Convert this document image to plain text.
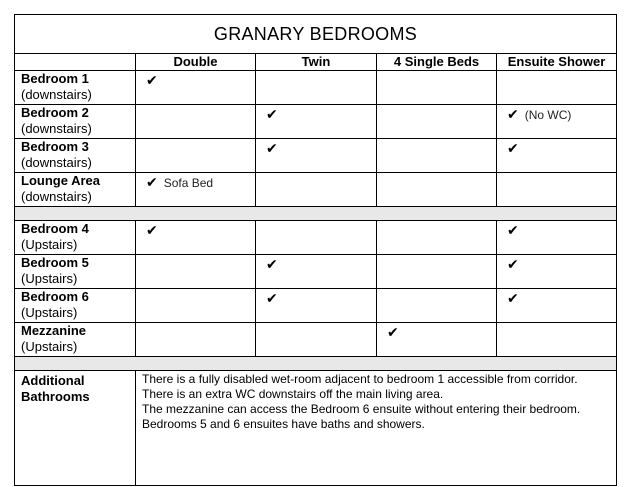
GRANARY BEDROOMS				
	Double	Twin	4 Single Beds	Ensuite Shower

Bedroom 1
(downstairs)	✔			

Bedroom 2
(downstairs)		✔		✔ (No WC)

Bedroom 3
(downstairs)		✔		✔

Lounge Area
(downstairs)	✔ Sofa Bed			

Bedroom 4
(Upstairs)	✔			✔

Bedroom 5
(Upstairs)		✔		✔

Bedroom 6
(Upstairs)		✔		✔

Mezzanine
(Upstairs)			✔	

Additional
Bathrooms	There is a fully disabled wet-room adjacent to bedroom 1 accessible from corridor.
There is an extra WC downstairs off the main living area.
The mezzanine can access the Bedroom 6 ensuite without entering their bedroom.
Bedrooms 5 and 6 ensuites have baths and showers.			
